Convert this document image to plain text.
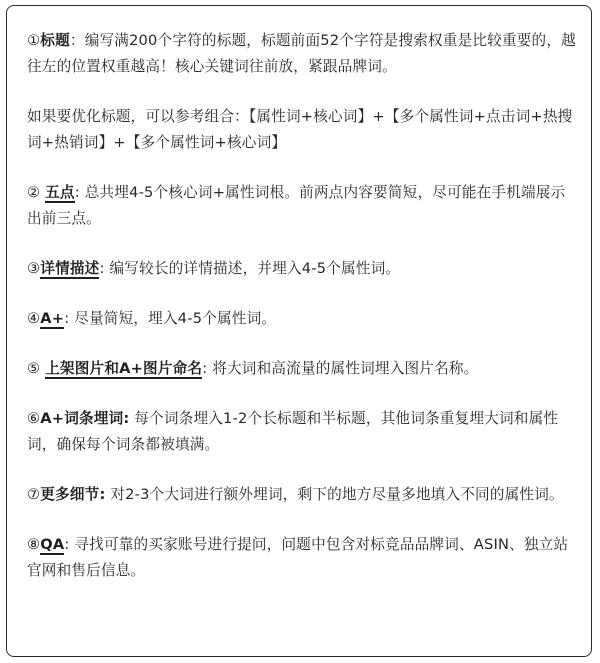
①标题：编写满200个字符的标题，标题前面52个字符是搜索权重是比较重要的，越往左的位置权重越高！核心关键词往前放，紧跟品牌词。

如果要优化标题，可以参考组合：【属性词+核心词】+【多个属性词+点击词+热搜词+热销词】+【多个属性词+核心词】

② 五点: 总共埋4-5个核心词+属性词根。前两点内容要简短，尽可能在手机端展示出前三点。

③详情描述: 编写较长的详情描述，并埋入4-5个属性词。

④A+: 尽量简短，埋入4-5个属性词。

⑤ 上架图片和A+图片命名: 将大词和高流量的属性词埋入图片名称。

⑥A+词条埋词: 每个词条埋入1-2个长标题和半标题，其他词条重复埋大词和属性词，确保每个词条都被填满。

⑦更多细节: 对2-3个大词进行额外埋词，剩下的地方尽量多地填入不同的属性词。

⑧QA: 寻找可靠的买家账号进行提问，问题中包含对标竞品品牌词、ASIN、独立站官网和售后信息。
